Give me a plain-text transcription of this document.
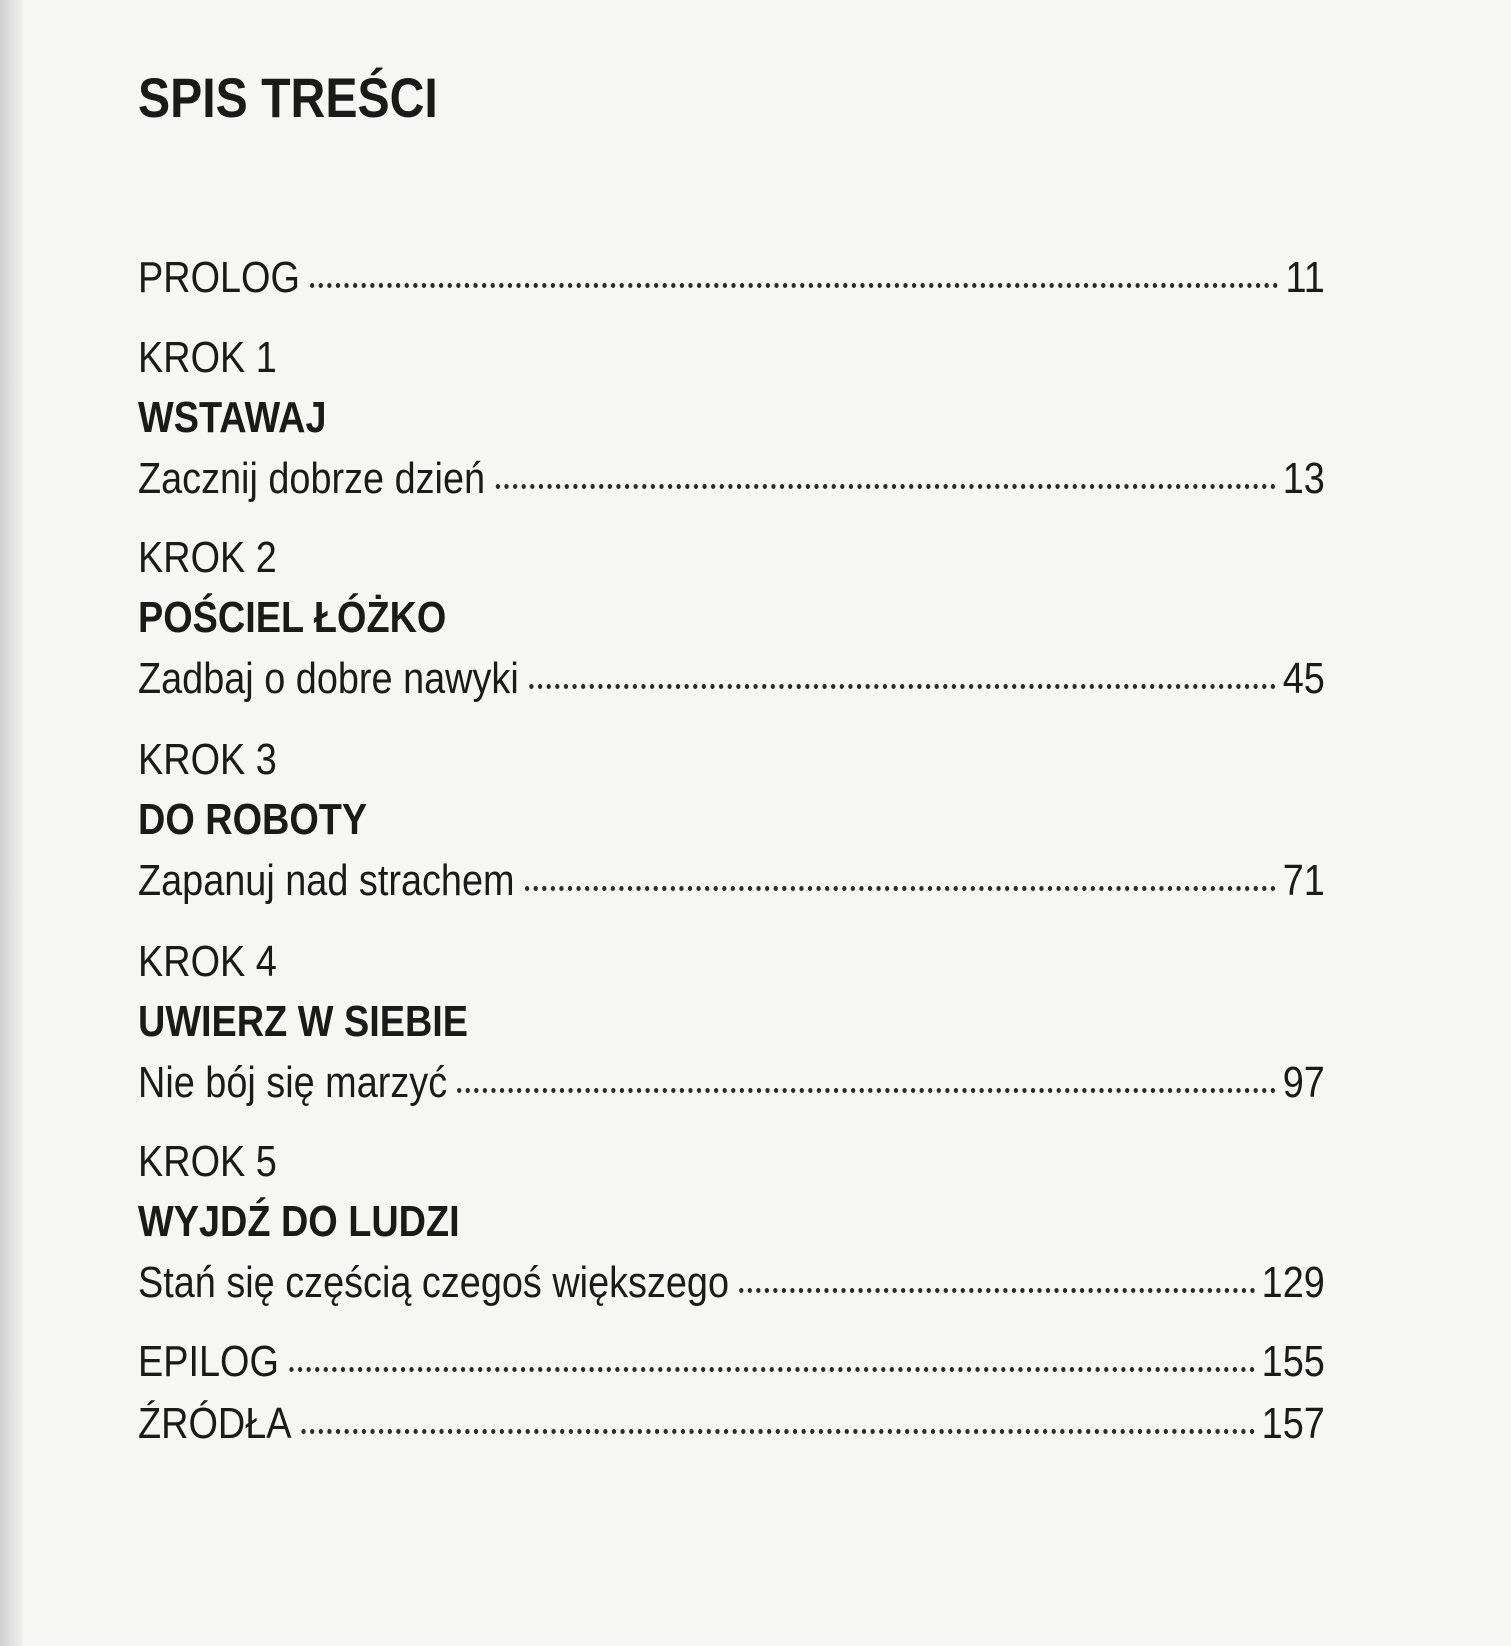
SPIS TREŚCI
PROLOG	11
KROK 1
WSTAWAJ
Zacznij dobrze dzień	13
KROK 2
POŚCIEL ŁÓŻKO
Zadbaj o dobre nawyki	45
KROK 3
DO ROBOTY
Zapanuj nad strachem	71
KROK 4
UWIERZ W SIEBIE
Nie bój się marzyć	97
KROK 5
WYJDŹ DO LUDZI
Stań się częścią czegoś większego	129
EPILOG	155
ŹRÓDŁA	157
